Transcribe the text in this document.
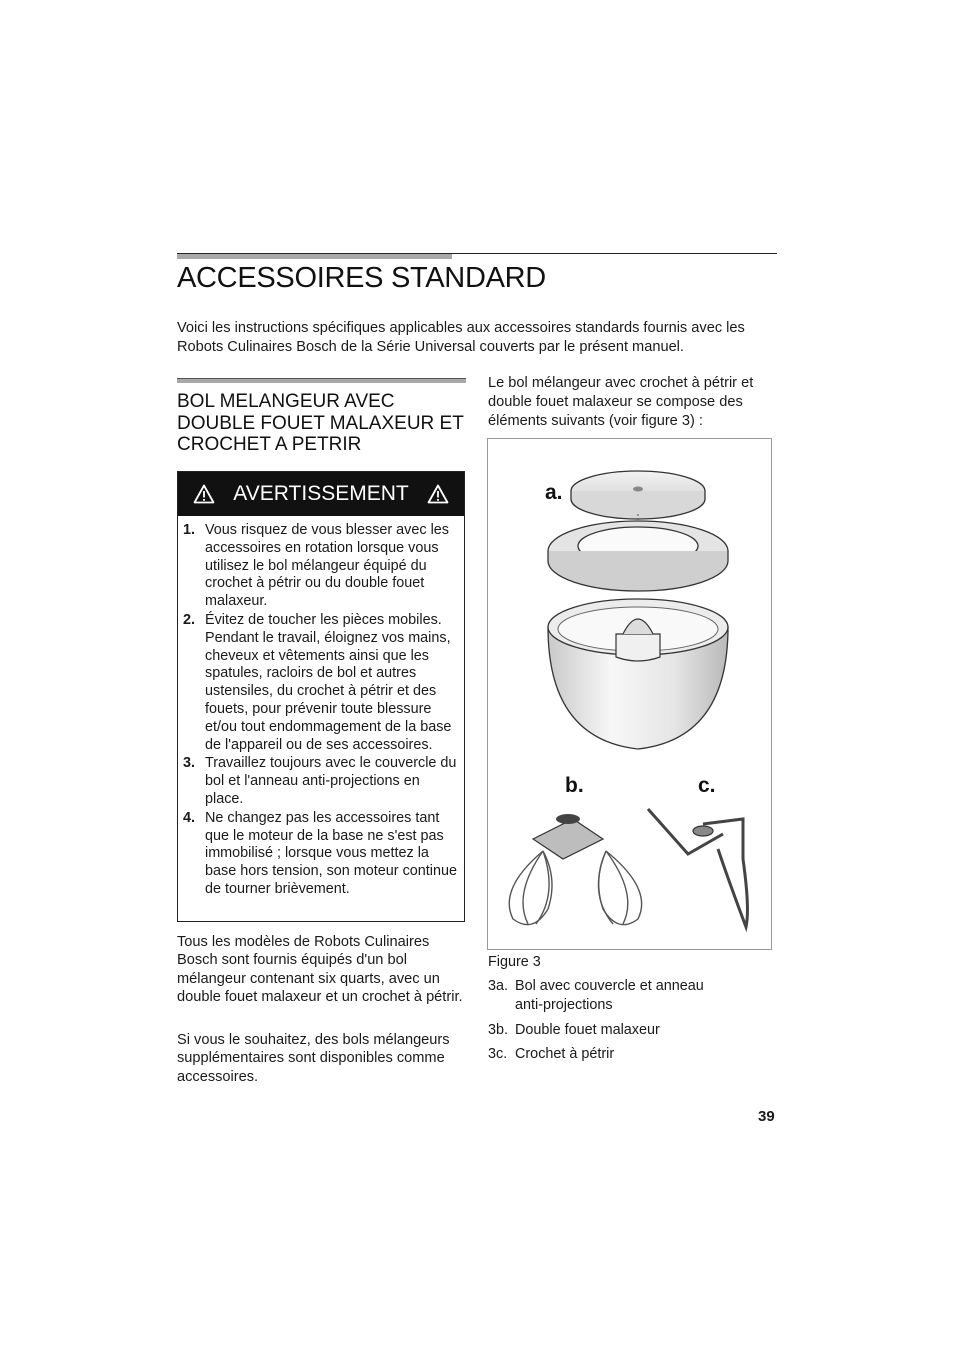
ACCESSOIRES STANDARD

Voici les instructions spécifiques applicables aux accessoires standards fournis avec les Robots Culinaires Bosch de la Série Universal couverts par le présent manuel.

BOL MELANGEUR AVEC DOUBLE FOUET MALAXEUR ET CROCHET A PETRIR
AVERTISSEMENT
1. Vous risquez de vous blesser avec les accessoires en rotation lorsque vous utilisez le bol mélangeur équipé du crochet à pétrir ou du double fouet malaxeur.
2. Évitez de toucher les pièces mobiles. Pendant le travail, éloignez vos mains, cheveux et vêtements ainsi que les spatules, racloirs de bol et autres ustensiles, du crochet à pétrir et des fouets, pour prévenir toute blessure et/ou tout endommagement de la base de l'appareil ou de ses accessoires.
3. Travaillez toujours avec le couvercle du bol et l'anneau anti-projections en place.
4. Ne changez pas les accessoires tant que le moteur de la base ne s'est pas immobilisé ; lorsque vous mettez la base hors tension, son moteur continue de tourner brièvement.

Tous les modèles de Robots Culinaires Bosch sont fournis équipés d'un bol mélangeur contenant six quarts, avec un double fouet malaxeur et un crochet à pétrir.

Si vous le souhaitez, des bols mélangeurs supplémentaires sont disponibles comme accessoires.

Le bol mélangeur avec crochet à pétrir et double fouet malaxeur se compose des éléments suivants (voir figure 3) :

a.
b.	c.

Figure 3

3a. Bol avec couvercle et anneau anti-projections

3b. Double fouet malaxeur

3c. Crochet à pétrir

39
